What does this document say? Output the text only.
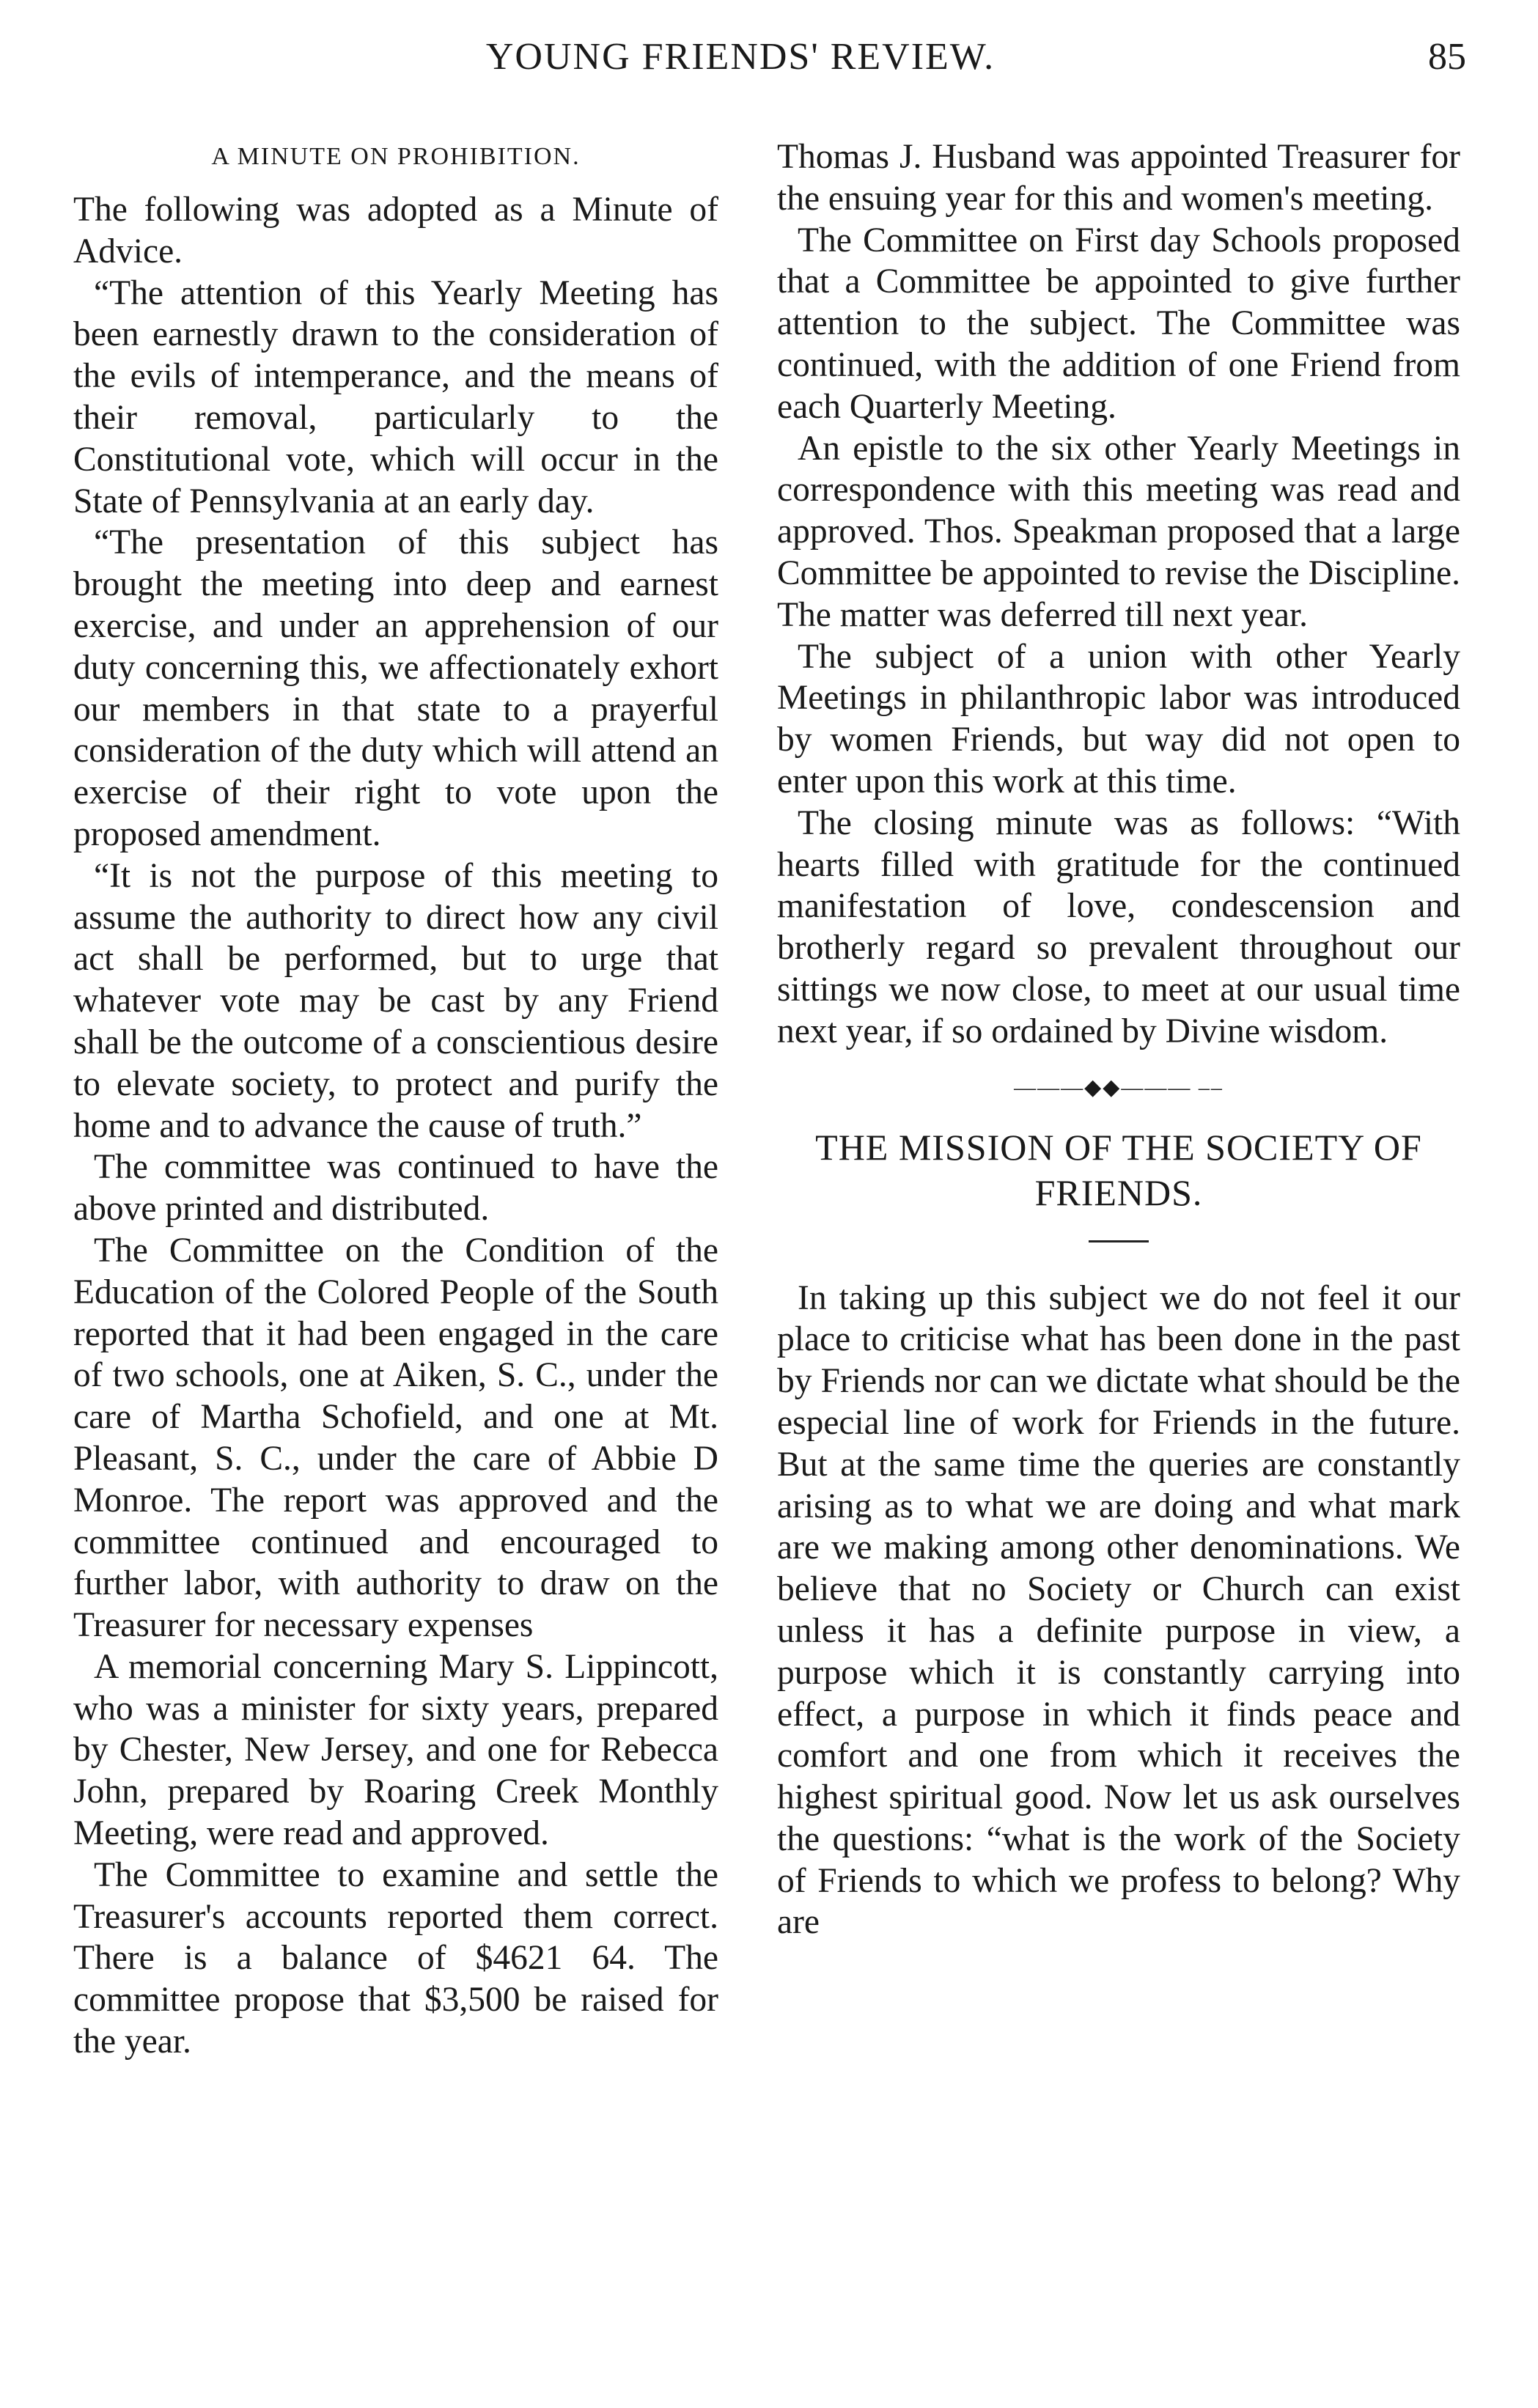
YOUNG FRIENDS' REVIEW.	85
A MINUTE ON PROHIBITION.

The following was adopted as a Minute of Advice.

“The attention of this Yearly Meeting has been earnestly drawn to the consideration of the evils of intemperance, and the means of their removal, particularly to the Constitutional vote, which will occur in the State of Pennsylvania at an early day.

“The presentation of this subject has brought the meeting into deep and earnest exercise, and under an apprehension of our duty concerning this, we affectionately exhort our members in that state to a prayerful consideration of the duty which will attend an exercise of their right to vote upon the proposed amendment.

“It is not the purpose of this meeting to assume the authority to direct how any civil act shall be performed, but to urge that whatever vote may be cast by any Friend shall be the outcome of a conscientious desire to elevate society, to protect and purify the home and to advance the cause of truth.”

The committee was continued to have the above printed and distributed.

The Committee on the Condition of the Education of the Colored People of the South reported that it had been engaged in the care of two schools, one at Aiken, S. C., under the care of Martha Schofield, and one at Mt. Pleasant, S. C., under the care of Abbie D Monroe. The report was approved and the committee continued and encouraged to further labor, with authority to draw on the Treasurer for necessary expenses

A memorial concerning Mary S. Lippincott, who was a minister for sixty years, prepared by Chester, New Jersey, and one for Rebecca John, prepared by Roaring Creek Monthly Meeting, were read and approved.

The Committee to examine and settle the Treasurer's accounts reported them correct. There is a balance of $4621 64. The committee propose that $3,500 be raised for the year.

Thomas J. Husband was appointed Treasurer for the ensuing year for this and women's meeting.

The Committee on First day Schools proposed that a Committee be appointed to give further attention to the subject. The Committee was continued, with the addition of one Friend from each Quarterly Meeting.

An epistle to the six other Yearly Meetings in correspondence with this meeting was read and approved. Thos. Speakman proposed that a large Committee be appointed to revise the Discipline. The matter was deferred till next year.

The subject of a union with other Yearly Meetings in philanthropic labor was introduced by women Friends, but way did not open to enter upon this work at this time.

The closing minute was as follows: “With hearts filled with gratitude for the continued manifestation of love, condescension and brotherly regard so prevalent throughout our sittings we now close, to meet at our usual time next year, if so ordained by Divine wisdom.

———◆◆——— ––
THE MISSION OF THE SOCIETY OF FRIENDS.

In taking up this subject we do not feel it our place to criticise what has been done in the past by Friends nor can we dictate what should be the especial line of work for Friends in the future. But at the same time the queries are constantly arising as to what we are doing and what mark are we making among other denominations. We believe that no Society or Church can exist unless it has a definite purpose in view, a purpose which it is constantly carrying into effect, a purpose in which it finds peace and comfort and one from which it receives the highest spiritual good. Now let us ask ourselves the questions: “what is the work of the Society of Friends to which we profess to belong? Why are
